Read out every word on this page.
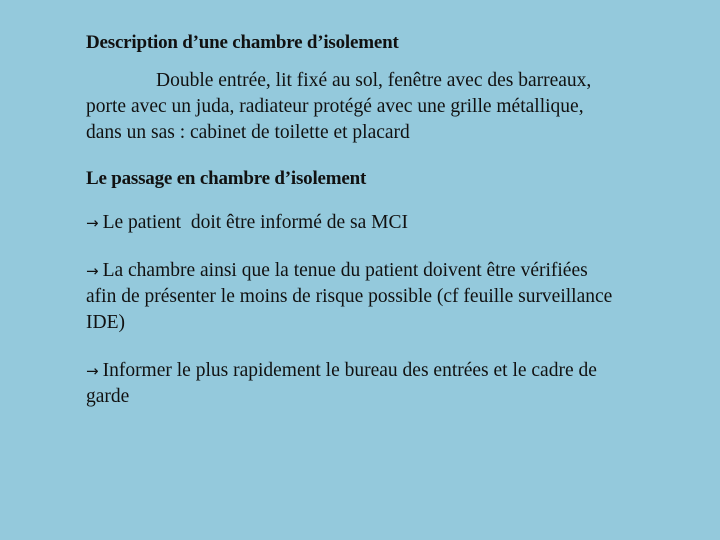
Description d’une chambre d’isolement

Double entrée, lit fixé au sol, fenêtre avec des barreaux, porte avec un juda, radiateur protégé avec une grille métallique, dans un sas : cabinet de toilette et placard

Le passage en chambre d’isolement

→ Le patient  doit être informé de sa MCI

→ La chambre ainsi que la tenue du patient doivent être vérifiées afin de présenter le moins de risque possible (cf feuille surveillance IDE)

→ Informer le plus rapidement le bureau des entrées et le cadre de garde
